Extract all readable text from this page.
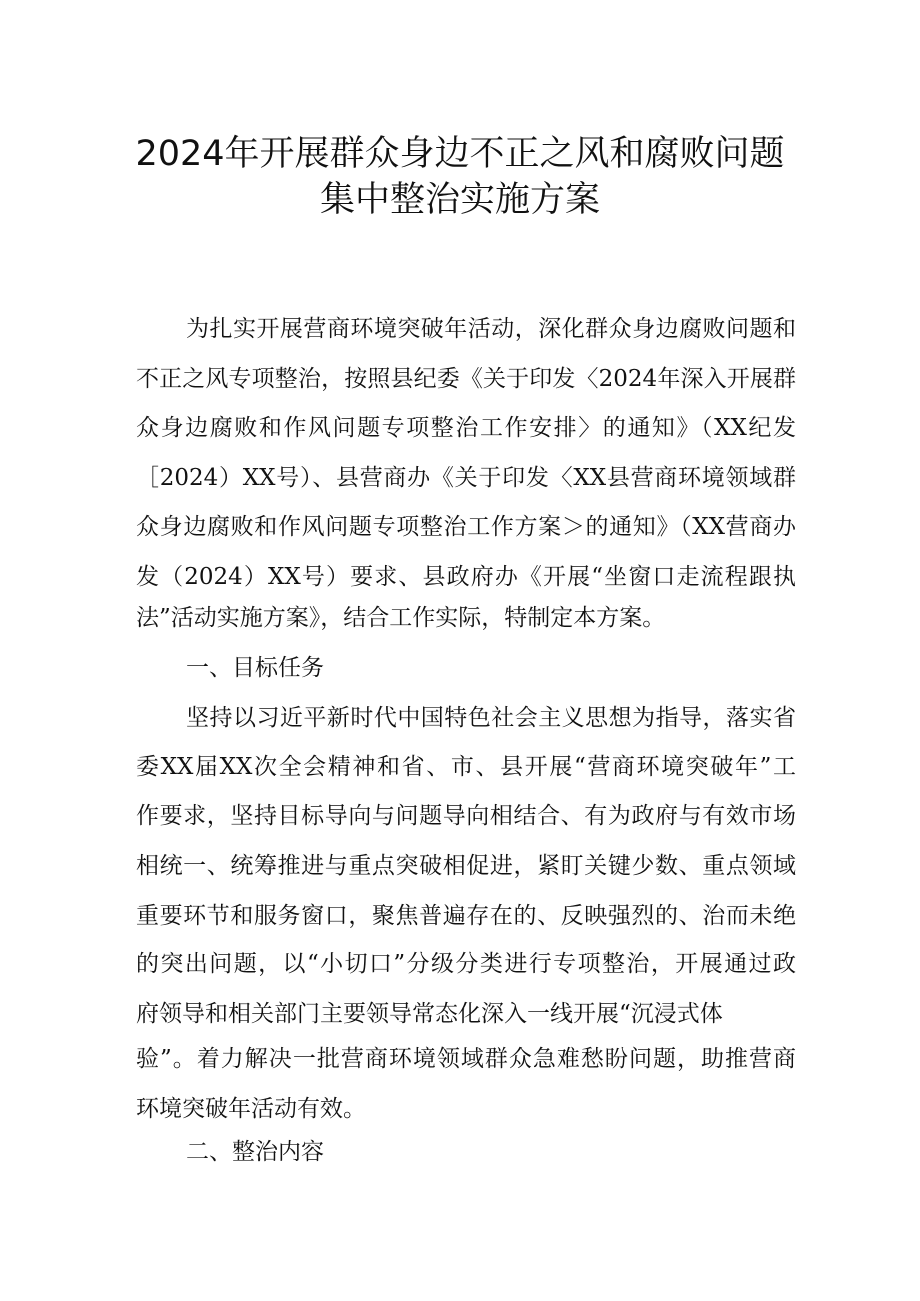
2024年开展群众身边不正之风和腐败问题
集中整治实施方案
为扎实开展营商环境突破年活动，深化群众身边腐败问题和
不正之风专项整治，按照县纪委《关于印发〈2024年深入开展群
众身边腐败和作风问题专项整治工作安排〉的通知》（XX纪发
［2024）XX号）、县营商办《关于印发〈XX县营商环境领域群
众身边腐败和作风问题专项整治工作方案＞的通知》（XX营商办
发（2024）XX号）要求、县政府办《开展“坐窗口走流程跟执
法”活动实施方案》，结合工作实际，特制定本方案。
一、目标任务
坚持以习近平新时代中国特色社会主义思想为指导，落实省
委XX届XX次全会精神和省、市、县开展“营商环境突破年”工
作要求，坚持目标导向与问题导向相结合、有为政府与有效市场
相统一、统筹推进与重点突破相促进，紧盯关键少数、重点领域
重要环节和服务窗口，聚焦普遍存在的、反映强烈的、治而未绝
的突出问题，以“小切口”分级分类进行专项整治，开展通过政
府领导和相关部门主要领导常态化深入一线开展“沉浸式体
验”。着力解决一批营商环境领域群众急难愁盼问题，助推营商
环境突破年活动有效。
二、整治内容
